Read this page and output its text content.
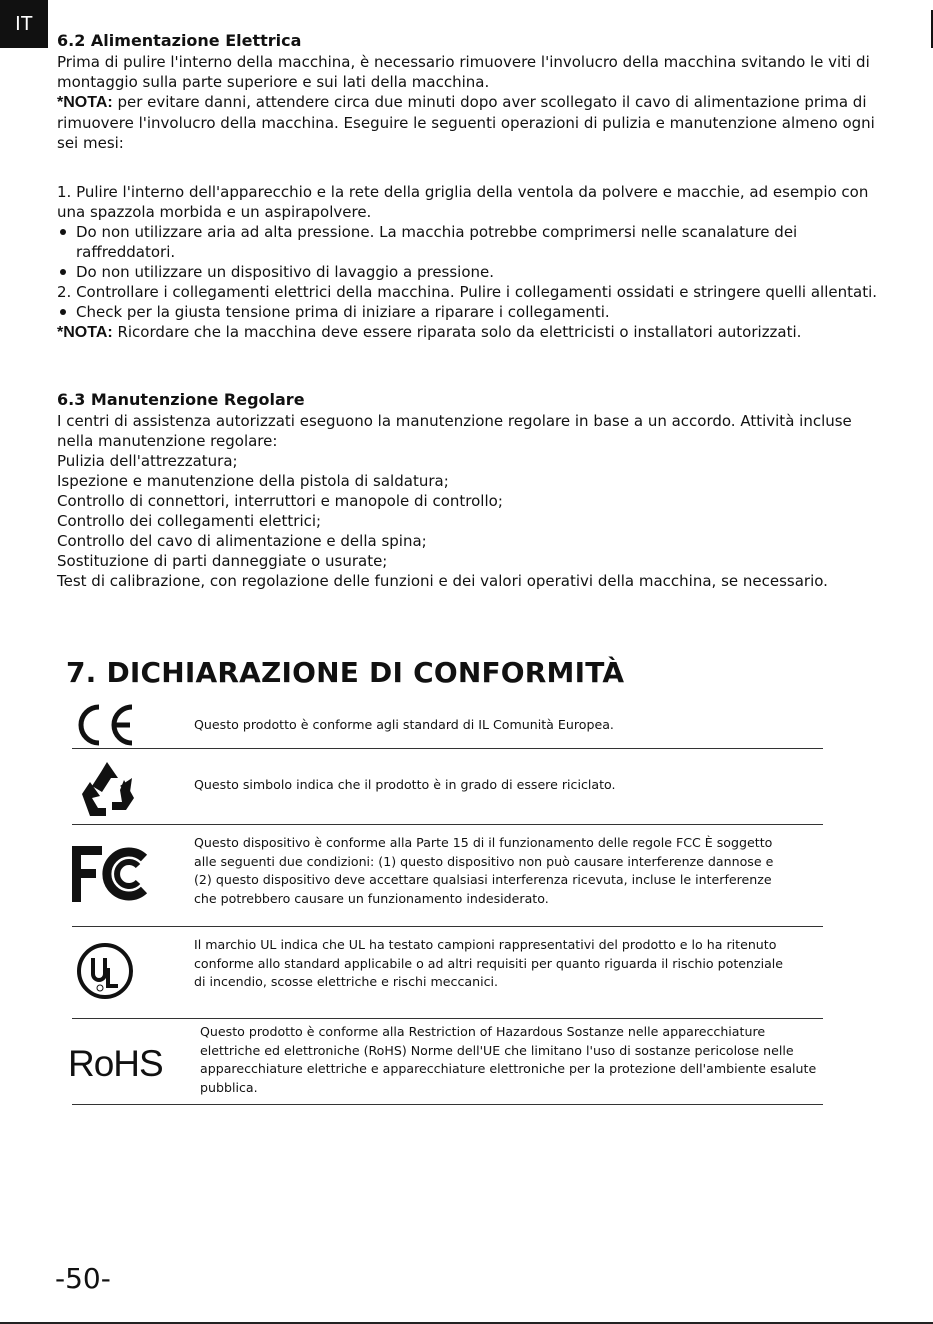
IT
6.2 Alimentazione Elettrica

Prima di pulire l'interno della macchina, è necessario rimuovere l'involucro della macchina svitando le viti di montaggio sulla parte superiore e sui lati della macchina.

*NOTA: per evitare danni, attendere circa due minuti dopo aver scollegato il cavo di alimentazione prima di rimuovere l'involucro della macchina. Eseguire le seguenti operazioni di pulizia e manutenzione almeno ogni sei mesi:

1. Pulire l'interno dell'apparecchio e la rete della griglia della ventola da polvere e macchie, ad esempio con una spazzola morbida e un aspirapolvere.

Do non utilizzare aria ad alta pressione. La macchia potrebbe comprimersi nelle scanalature dei raffreddatori.

Do non utilizzare un dispositivo di lavaggio a pressione.

2. Controllare i collegamenti elettrici della macchina. Pulire i collegamenti ossidati e stringere quelli allentati.

Check per la giusta tensione prima di iniziare a riparare i collegamenti.

*NOTA: Ricordare che la macchina deve essere riparata solo da elettricisti o installatori autorizzati.

6.3 Manutenzione Regolare

I centri di assistenza autorizzati eseguono la manutenzione regolare in base a un accordo. Attività incluse nella manutenzione regolare:

Pulizia dell'attrezzatura;

Ispezione e manutenzione della pistola di saldatura;

Controllo di connettori, interruttori e manopole di controllo;

Controllo dei collegamenti elettrici;

Controllo del cavo di alimentazione e della spina;

Sostituzione di parti danneggiate o usurate;

Test di calibrazione, con regolazione delle funzioni e dei valori operativi della macchina, se necessario.

7. DICHIARAZIONE DI CONFORMITÀ

Questo prodotto è conforme agli standard di IL Comunità Europea.

Questo simbolo indica che il prodotto è in grado di essere riciclato.

Questo dispositivo è conforme alla Parte 15 di il funzionamento delle regole FCC È soggetto alle seguenti due condizioni: (1) questo dispositivo non può causare interferenze dannose e (2) questo dispositivo deve accettare qualsiasi interferenza ricevuta, incluse le interferenze che potrebbero causare un funzionamento indesiderato.

Il marchio UL indica che UL ha testato campioni rappresentativi del prodotto e lo ha ritenuto conforme allo standard applicabile o ad altri requisiti per quanto riguarda il rischio potenziale di incendio, scosse elettriche e rischi meccanici.

RoHS

Questo prodotto è conforme alla Restriction of Hazardous Sostanze nelle apparecchiature elettriche ed elettroniche (RoHS) Norme dell'UE che limitano l'uso di sostanze pericolose nelle apparecchiature elettriche e apparecchiature elettroniche per la protezione dell'ambiente esalute pubblica.

-50-
